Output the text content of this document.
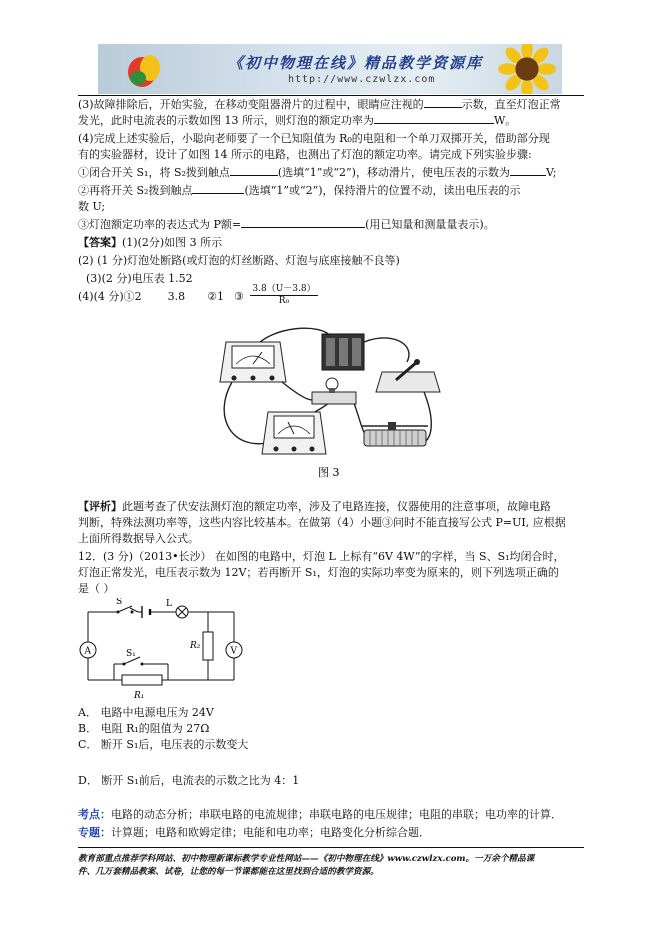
《初中物理在线》精品教学资源库
http://www.czwlzx.com
(3)故障排除后，开始实验，在移动变阻器滑片的过程中，眼睛应注视的	示数，直至灯泡正常
发光，此时电流表的示数如图 13 所示，则灯泡的额定功率为	W。
(4)完成上述实验后，小聪向老师要了一个已知阻值为 R₀的电阻和一个单刀双掷开关，借助部分现
有的实验器材，设计了如图 14 所示的电路，也测出了灯泡的额定功率。请完成下列实验步骤:
①闭合开关 S₁，将 S₂拨到触点	(选填“1”或“2”)，移动滑片，使电压表的示数为	V;
②再将开关 S₂拨到触点	(选填“1”或“2”)，保持滑片的位置不动，读出电压表的示
数 U;
③灯泡额定功率的表达式为 P额=	(用已知量和测量量表示)。
【答案】(1)(2分)如图 3 所示
(2) (1 分)灯泡处断路(或灯泡的灯丝断路、灯泡与底座接触不良等)
(3)(2 分)电压表 1.52
(4)(4 分)①2 3.8 ②1 ③
3.8（U－3.8）
R₀
图 3
【评析】此题考查了伏安法测灯泡的额定功率，涉及了电路连接，仪器使用的注意事项，故障电路
判断，特殊法测功率等，这些内容比较基本。在做第（4）小题③问时不能直接写公式 P=UI, 应根据
上面所得数据导入公式。
12．(3 分)（2013•长沙） 在如图的电路中，灯泡 L 上标有“6V 4W”的字样，当 S、S₁均闭合时，
灯泡正常发光，电压表示数为 12V；若再断开 S₁，灯泡的实际功率变为原来的，则下列选项正确的
是（ ）
S	L
A	V
R₂
S₁
R₁
A． 电路中电源电压为 24V
B． 电阻 R₁的阻值为 27Ω
C． 断开 S₁后，电压表的示数变大
D． 断开 S₁前后，电流表的示数之比为 4：1
考点：电路的动态分析；串联电路的电流规律；串联电路的电压规律；电阻的串联；电功率的计算．
专题：计算题；电路和欧姆定律；电能和电功率；电路变化分析综合题．
教育部重点推荐学科网站、初中物理新课标教学专业性网站——《初中物理在线》www.czwlzx.com。一万余个精品课
件、几万套精品教案、试卷，让您的每一节课都能在这里找到合适的教学资源。
